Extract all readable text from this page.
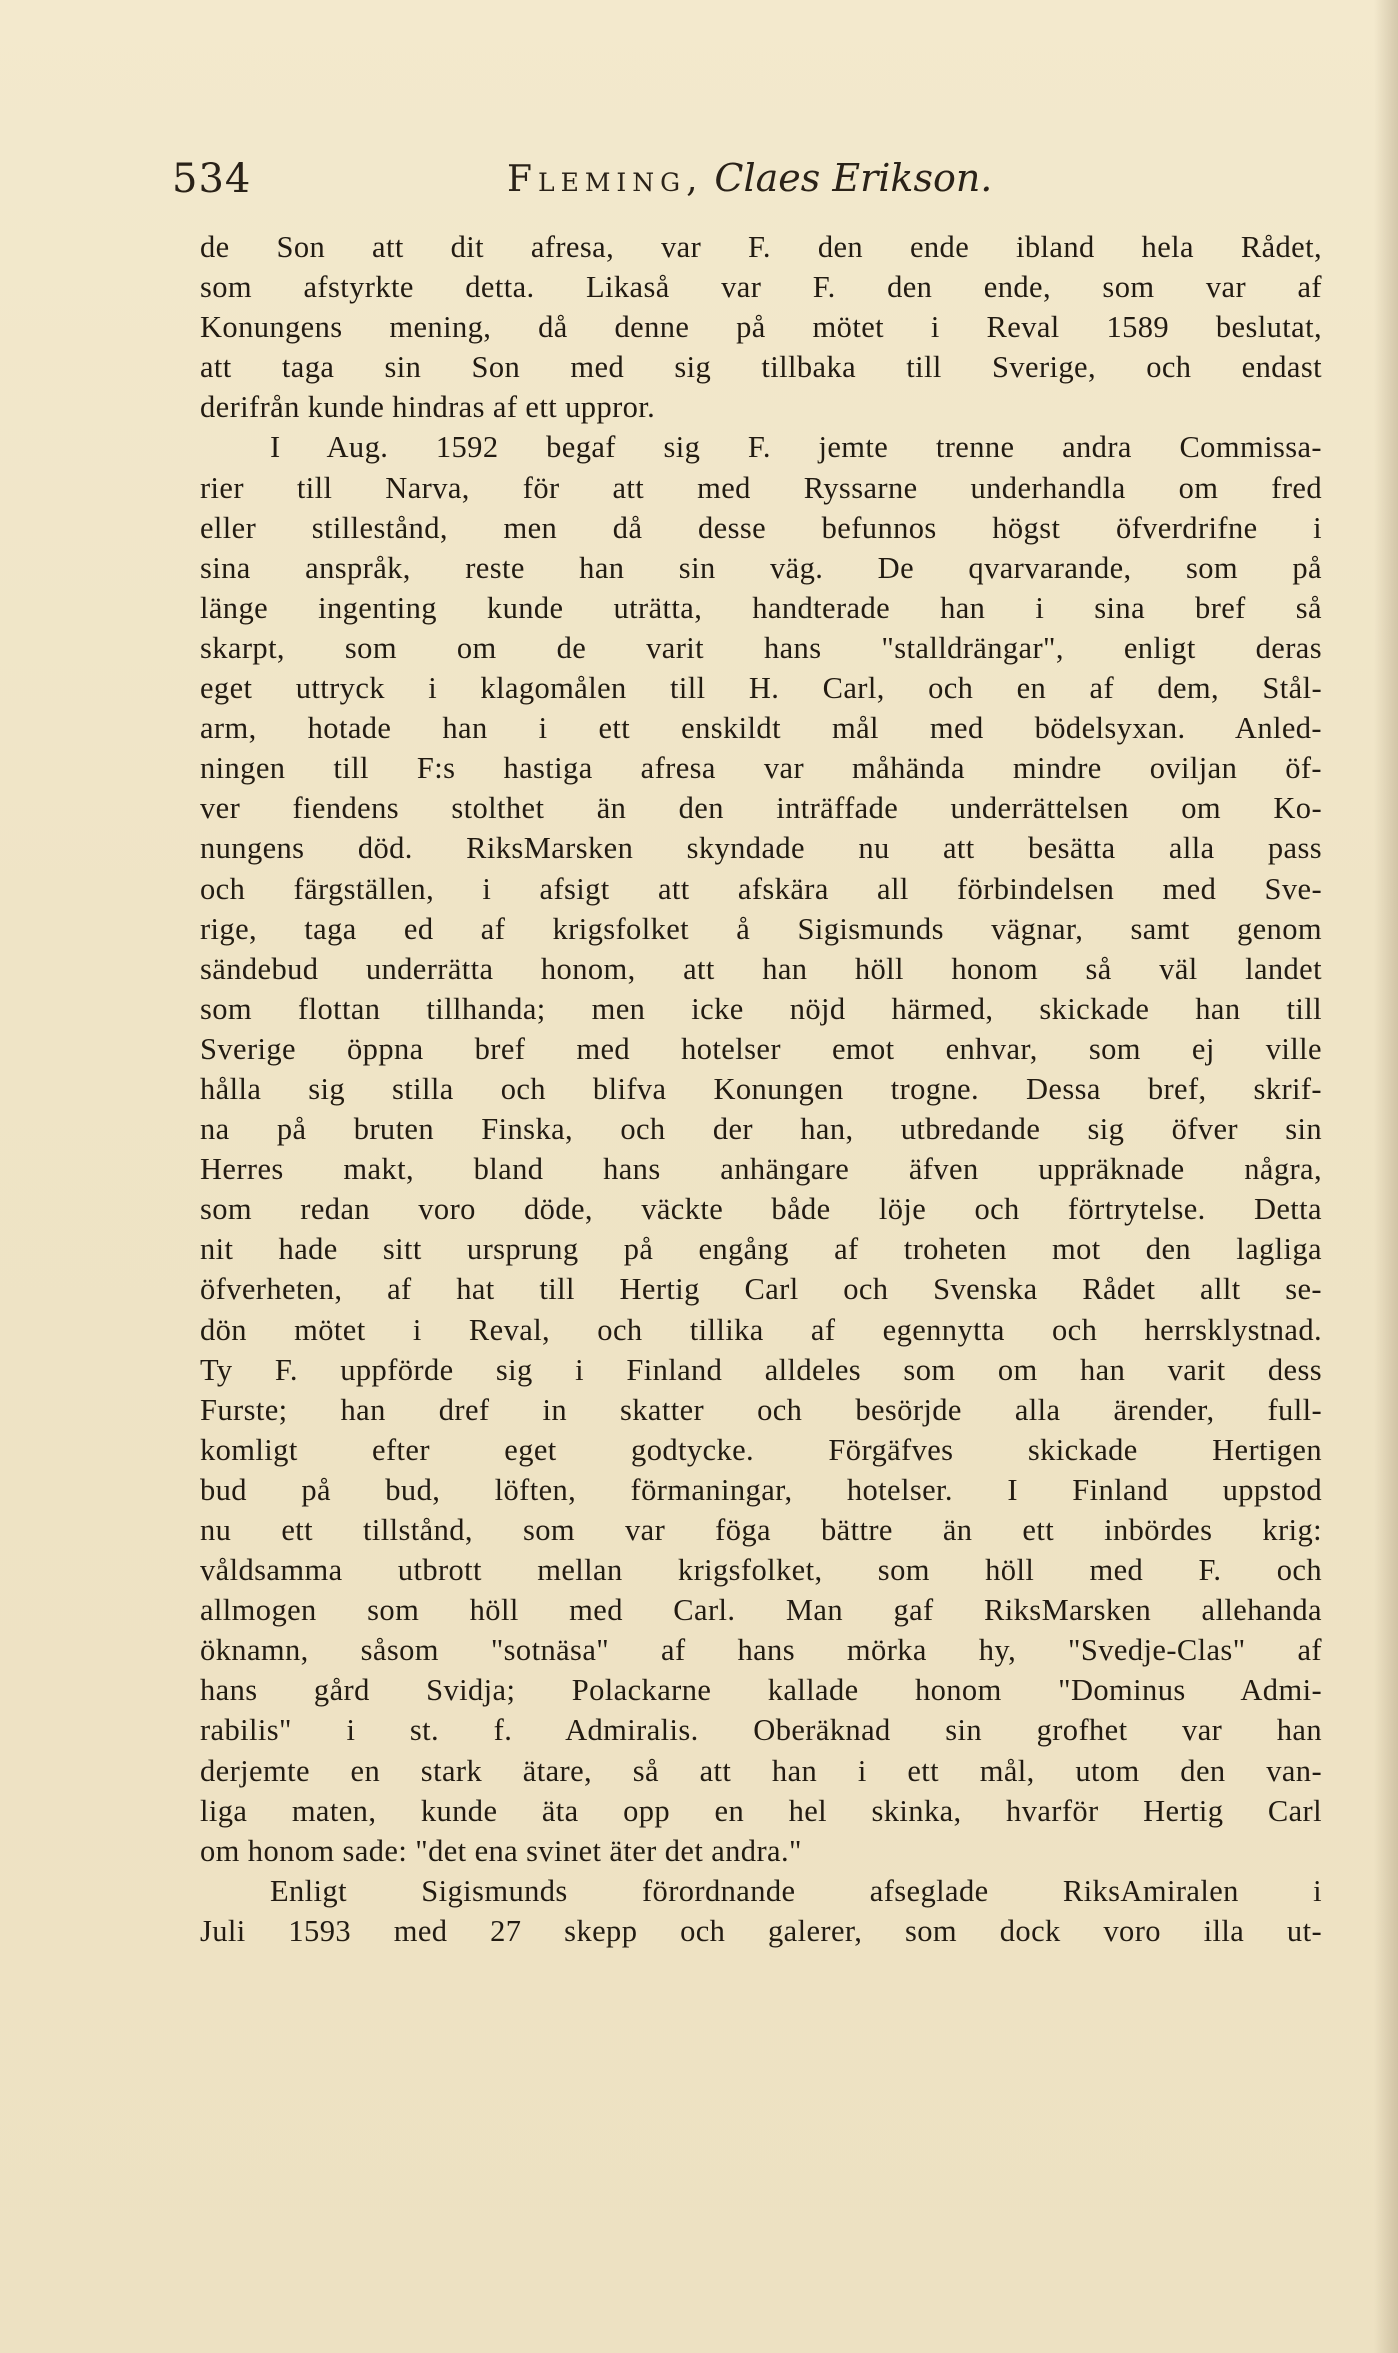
534	Fleming, Claes Erikson.
de Son att dit afresa, var F. den ende ibland hela Rådet,
som afstyrkte detta. Likaså var F. den ende, som var af
Konungens mening, då denne på mötet i Reval 1589 beslutat,
att taga sin Son med sig tillbaka till Sverige, och endast
derifrån kunde hindras af ett uppror.
I Aug. 1592 begaf sig F. jemte trenne andra Commissa-
rier till Narva, för att med Ryssarne underhandla om fred
eller stillestånd, men då desse befunnos högst öfverdrifne i
sina anspråk, reste han sin väg. De qvarvarande, som på
länge ingenting kunde uträtta, handterade han i sina bref så
skarpt, som om de varit hans "stalldrängar", enligt deras
eget uttryck i klagomålen till H. Carl, och en af dem, Stål-
arm, hotade han i ett enskildt mål med bödelsyxan. Anled-
ningen till F:s hastiga afresa var måhända mindre oviljan öf-
ver fiendens stolthet än den inträffade underrättelsen om Ko-
nungens död. RiksMarsken skyndade nu att besätta alla pass
och färgställen, i afsigt att afskära all förbindelsen med Sve-
rige, taga ed af krigsfolket å Sigismunds vägnar, samt genom
sändebud underrätta honom, att han höll honom så väl landet
som flottan tillhanda; men icke nöjd härmed, skickade han till
Sverige öppna bref med hotelser emot enhvar, som ej ville
hålla sig stilla och blifva Konungen trogne. Dessa bref, skrif-
na på bruten Finska, och der han, utbredande sig öfver sin
Herres makt, bland hans anhängare äfven uppräknade några,
som redan voro döde, väckte både löje och förtrytelse. Detta
nit hade sitt ursprung på engång af troheten mot den lagliga
öfverheten, af hat till Hertig Carl och Svenska Rådet allt se-
dön mötet i Reval, och tillika af egennytta och herrsklystnad.
Ty F. uppförde sig i Finland alldeles som om han varit dess
Furste; han dref in skatter och besörjde alla ärender, full-
komligt efter eget godtycke. Förgäfves skickade Hertigen
bud på bud, löften, förmaningar, hotelser. I Finland uppstod
nu ett tillstånd, som var föga bättre än ett inbördes krig:
våldsamma utbrott mellan krigsfolket, som höll med F. och
allmogen som höll med Carl. Man gaf RiksMarsken allehanda
öknamn, såsom "sotnäsa" af hans mörka hy, "Svedje-Clas" af
hans gård Svidja; Polackarne kallade honom "Dominus Admi-
rabilis" i st. f. Admiralis. Oberäknad sin grofhet var han
derjemte en stark ätare, så att han i ett mål, utom den van-
liga maten, kunde äta opp en hel skinka, hvarför Hertig Carl
om honom sade: "det ena svinet äter det andra."
Enligt Sigismunds förordnande afseglade RiksAmiralen i
Juli 1593 med 27 skepp och galerer, som dock voro illa ut-
